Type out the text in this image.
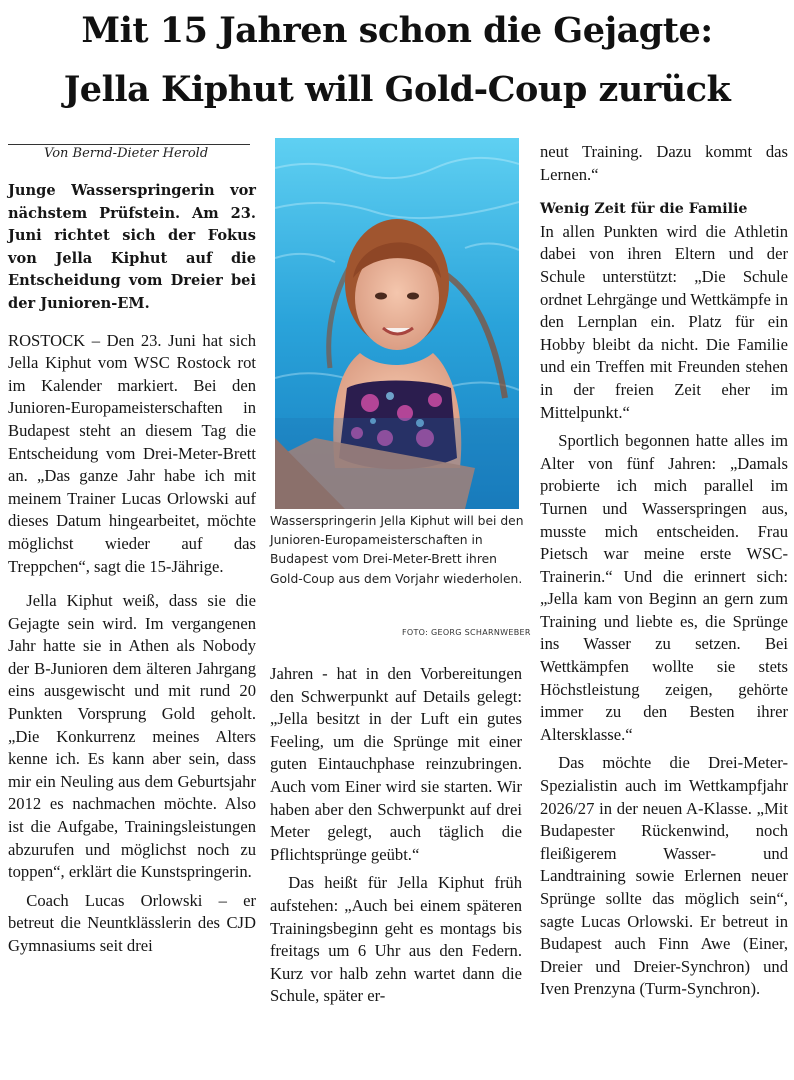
Mit 15 Jahren schon die Gejagte:
Jella Kiphut will Gold-Coup zurück
Von Bernd-Dieter Herold

Junge Wasserspringerin vor nächstem Prüfstein. Am 23. Juni richtet sich der Fokus von Jella Kiphut auf die Entscheidung vom Dreier bei der Junioren-EM.

ROSTOCK – Den 23. Juni hat sich Jella Kiphut vom WSC Rostock rot im Kalender markiert. Bei den Junioren-Europameisterschaften in Budapest steht an diesem Tag die Entscheidung vom Drei-Meter-Brett an. „Das ganze Jahr habe ich mit meinem Trainer Lucas Orlowski auf dieses Datum hingearbeitet, möchte möglichst wieder auf das Treppchen“, sagt die 15-Jährige.

Jella Kiphut weiß, dass sie die Gejagte sein wird. Im vergangenen Jahr hatte sie in Athen als Nobody der B-Junioren dem älteren Jahrgang eins ausgewischt und mit rund 20 Punkten Vorsprung Gold geholt. „Die Konkurrenz meines Alters kenne ich. Es kann aber sein, dass mir ein Neuling aus dem Geburtsjahr 2012 es nachmachen möchte. Also ist die Aufgabe, Trainingsleistungen abzurufen und möglichst noch zu toppen“, erklärt die Kunstspringerin.

Coach Lucas Orlowski – er betreut die Neuntklässlerin des CJD Gymnasiums seit drei

Wasserspringerin Jella Kiphut will bei den Junioren-Europameisterschaften in Budapest vom Drei-Meter-Brett ihren Gold-Coup aus dem Vorjahr wiederholen.
FOTO: GEORG SCHARNWEBER

Jahren - hat in den Vorbereitungen den Schwerpunkt auf Details gelegt: „Jella besitzt in der Luft ein gutes Feeling, um die Sprünge mit einer guten Eintauchphase reinzubringen. Auch vom Einer wird sie starten. Wir haben aber den Schwerpunkt auf drei Meter gelegt, auch täglich die Pflichtsprünge geübt.“

Das heißt für Jella Kiphut früh aufstehen: „Auch bei einem späteren Trainingsbeginn geht es montags bis freitags um 6 Uhr aus den Federn. Kurz vor halb zehn wartet dann die Schule, später er-

neut Training. Dazu kommt das Lernen.“

Wenig Zeit für die Familie

In allen Punkten wird die Athletin dabei von ihren Eltern und der Schule unterstützt: „Die Schule ordnet Lehrgänge und Wettkämpfe in den Lernplan ein. Platz für ein Hobby bleibt da nicht. Die Familie und ein Treffen mit Freunden stehen in der freien Zeit eher im Mittelpunkt.“

Sportlich begonnen hatte alles im Alter von fünf Jahren: „Damals probierte ich mich parallel im Turnen und Wasserspringen aus, musste mich entscheiden. Frau Pietsch war meine erste WSC-Trainerin.“ Und die erinnert sich: „Jella kam von Beginn an gern zum Training und liebte es, die Sprünge ins Wasser zu setzen. Bei Wettkämpfen wollte sie stets Höchstleistung zeigen, gehörte immer zu den Besten ihrer Altersklasse.“

Das möchte die Drei-Meter-Spezialistin auch im Wettkampfjahr 2026/27 in der neuen A-Klasse. „Mit Budapester Rückenwind, noch fleißigerem Wasser- und Landtraining sowie Erlernen neuer Sprünge sollte das möglich sein“, sagte Lucas Orlowski. Er betreut in Budapest auch Finn Awe (Einer, Dreier und Dreier-Synchron) und Iven Prenzyna (Turm-Synchron).
